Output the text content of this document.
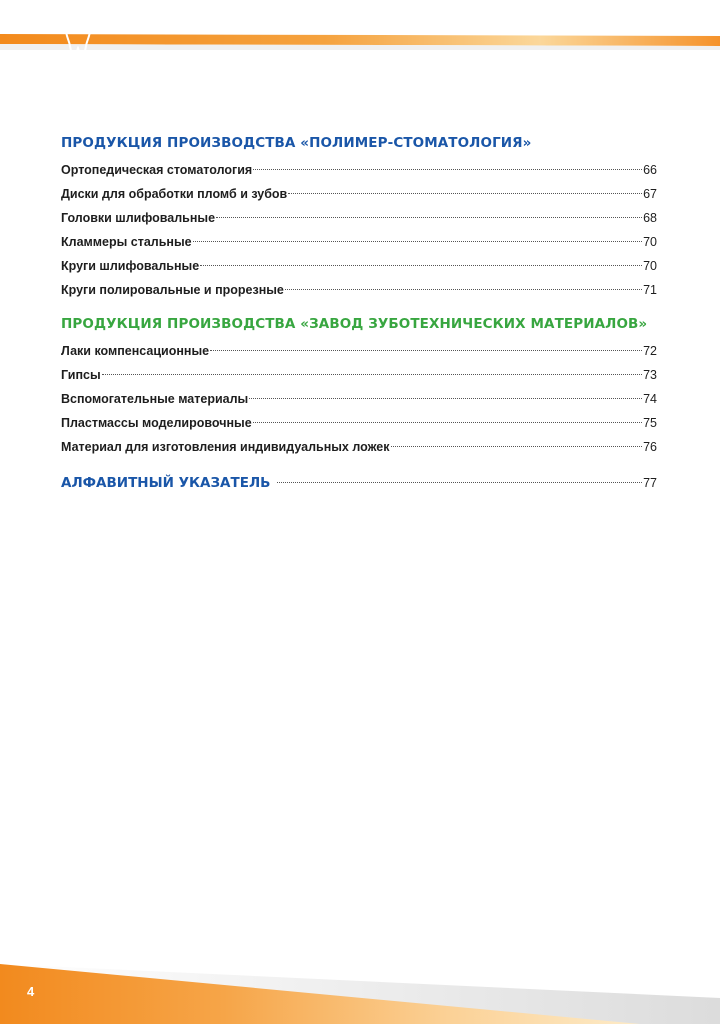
ПРОДУКЦИЯ ПРОИЗВОДСТВА «ПОЛИМЕР-СТОМАТОЛОГИЯ»
Ортопедическая стоматология	66
Диски для обработки пломб и зубов	67
Головки шлифовальные	68
Кламмеры стальные	70
Круги шлифовальные	70
Круги полировальные и прорезные	71
ПРОДУКЦИЯ ПРОИЗВОДСТВА «ЗАВОД ЗУБОТЕХНИЧЕСКИХ МАТЕРИАЛОВ»
Лаки компенсационные	72
Гипсы	73
Вспомогательные материалы	74
Пластмассы моделировочные	75
Материал для изготовления индивидуальных ложек	76
АЛФАВИТНЫЙ УКАЗАТЕЛЬ	77
4
